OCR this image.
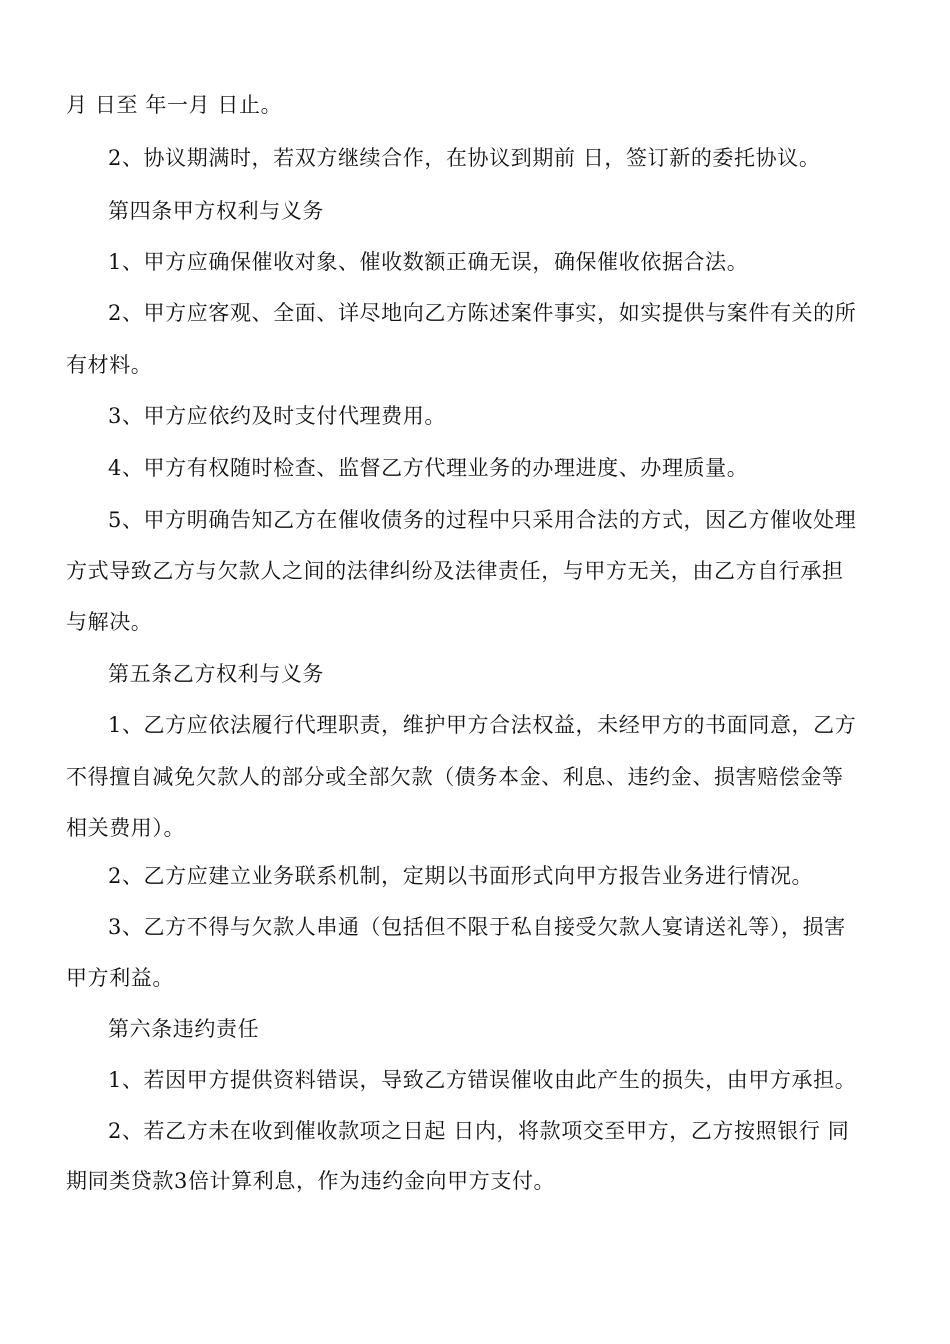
月 日至 年一月 日止。
2、协议期满时，若双方继续合作，在协议到期前 日，签订新的委托协议。
第四条甲方权利与义务
1、甲方应确保催收对象、催收数额正确无误，确保催收依据合法。
2、甲方应客观、全面、详尽地向乙方陈述案件事实，如实提供与案件有关的所
有材料。
3、甲方应依约及时支付代理费用。
4、甲方有权随时检查、监督乙方代理业务的办理进度、办理质量。
5、甲方明确告知乙方在催收债务的过程中只采用合法的方式，因乙方催收处理
方式导致乙方与欠款人之间的法律纠纷及法律责任，与甲方无关，由乙方自行承担
与解决。
第五条乙方权利与义务
1、乙方应依法履行代理职责，维护甲方合法权益，未经甲方的书面同意，乙方
不得擅自减免欠款人的部分或全部欠款（债务本金、利息、违约金、损害赔偿金等
相关费用）。
2、乙方应建立业务联系机制，定期以书面形式向甲方报告业务进行情况。
3、乙方不得与欠款人串通（包括但不限于私自接受欠款人宴请送礼等），损害
甲方利益。
第六条违约责任
1、若因甲方提供资料错误，导致乙方错误催收由此产生的损失，由甲方承担。
2、若乙方未在收到催收款项之日起 日内，将款项交至甲方，乙方按照银行 同
期同类贷款3倍计算利息，作为违约金向甲方支付。
